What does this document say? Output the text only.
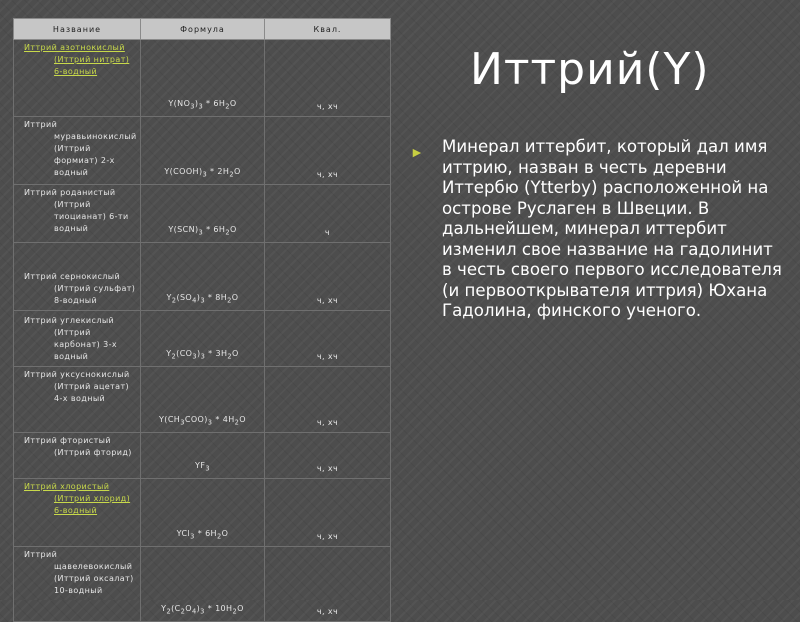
Название	Формула	Квал.

Иттрий азотнокислый (Иттрий нитрат) 6-водный	$Y(NO_3)_3 * 6H_2O$	ч, хч

Иттрий муравьинокислый (Иттрий формиат) 2-х водный	$Y(COOH)_3 * 2H_2O$	ч, хч

Иттрий роданистый (Иттрий тиоцианат) 6-ти водный	$Y(SCN)_3 * 6H_2O$	ч

Иттрий сернокислый (Иттрий сульфат) 8-водный	$Y_2(SO_4)_3 * 8H_2O$	ч, хч

Иттрий углекислый (Иттрий карбонат) 3-х водный	$Y_2(CO_3)_3 * 3H_2O$	ч, хч

Иттрий уксуснокислый (Иттрий ацетат) 4-х водный	$Y(CH_3COO)_3 * 4H_2O$	ч, хч

Иттрий фтористый (Иттрий фторид)	$YF_3$	ч, хч

Иттрий хлористый (Иттрий хлорид) 6-водный	$YCl_3 * 6H_2O$	ч, хч

Иттрий щавелевокислый (Иттрий оксалат) 10-водный	$Y_2(C_2O_4)_3 * 10H_2O$	ч, хч
Иттрий(Y)
► Минерал иттербит, который дал имя иттрию, назван в честь деревни Иттербю (Ytterby) расположенной на острове Руслаген в Швеции. В дальнейшем, минерал иттербит изменил свое название на гадолинит в честь своего первого исследователя (и первооткрывателя иттрия) Юхана Гадолина, финского ученого.
